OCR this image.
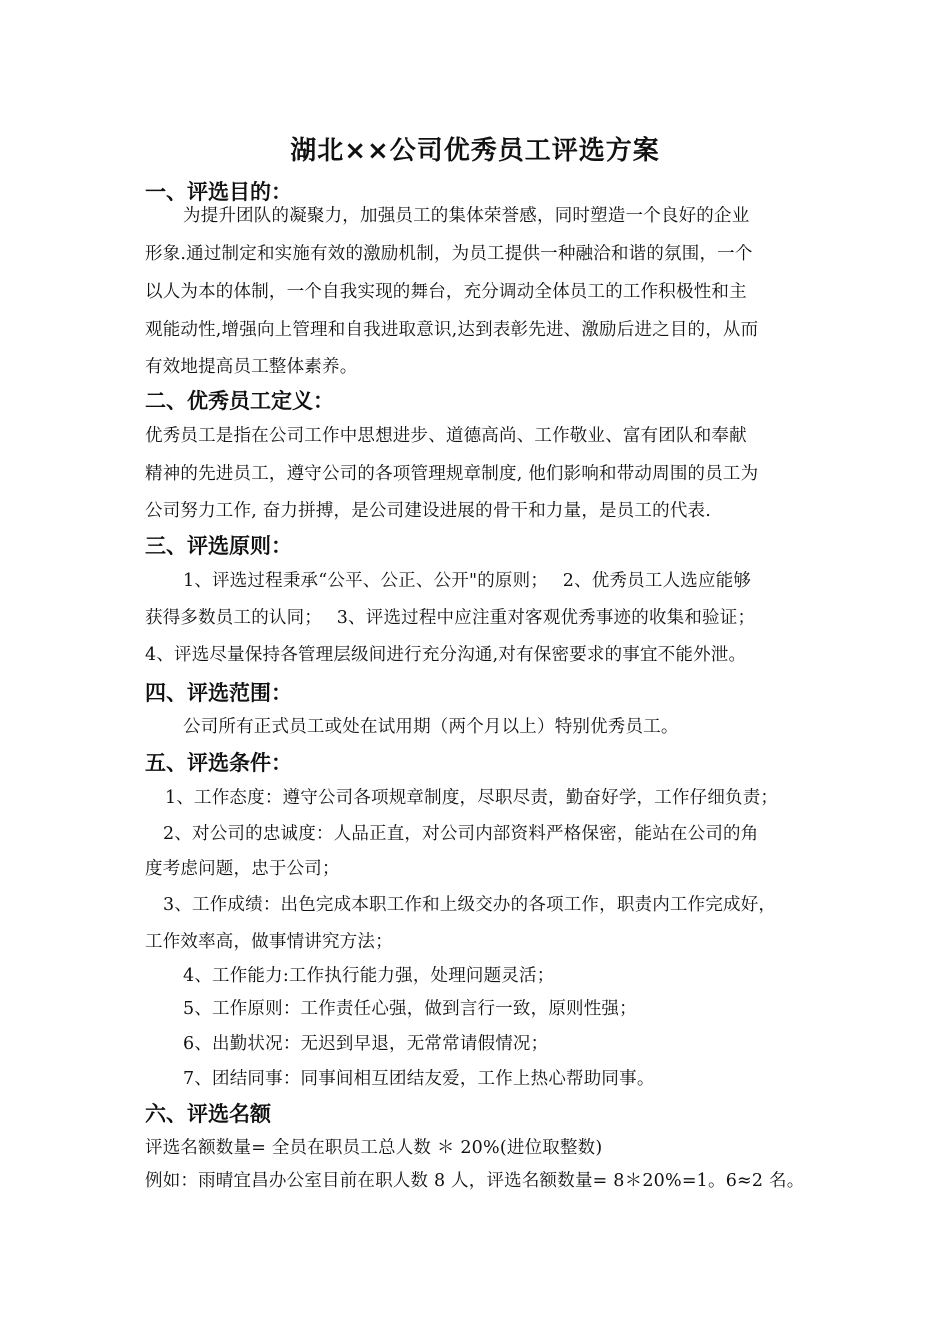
湖北××公司优秀员工评选方案
一、评选目的：
为提升团队的凝聚力，加强员工的集体荣誉感，同时塑造一个良好的企业
形象.通过制定和实施有效的激励机制，为员工提供一种融洽和谐的氛围，一个
以人为本的体制，一个自我实现的舞台，充分调动全体员工的工作积极性和主
观能动性,增强向上管理和自我进取意识,达到表彰先进、激励后进之目的，从而
有效地提高员工整体素养。
二、优秀员工定义：
优秀员工是指在公司工作中思想进步、道德高尚、工作敬业、富有团队和奉献
精神的先进员工，遵守公司的各项管理规章制度, 他们影响和带动周围的员工为
公司努力工作, 奋力拼搏，是公司建设进展的骨干和力量，是员工的代表.
三、评选原则：
1、评选过程秉承“公平、公正、公开"的原则；　 2、优秀员工人选应能够
获得多数员工的认同；　 3、评选过程中应注重对客观优秀事迹的收集和验证；
4、评选尽量保持各管理层级间进行充分沟通,对有保密要求的事宜不能外泄。
四、评选范围：
公司所有正式员工或处在试用期（两个月以上）特别优秀员工。
五、评选条件：
1、工作态度：遵守公司各项规章制度，尽职尽责，勤奋好学，工作仔细负责；
2、对公司的忠诚度：人品正直，对公司内部资料严格保密，能站在公司的角
度考虑问题，忠于公司；
3、工作成绩：出色完成本职工作和上级交办的各项工作，职责内工作完成好，
工作效率高，做事情讲究方法；
4、工作能力:工作执行能力强，处理问题灵活；
5、工作原则：工作责任心强，做到言行一致，原则性强；
6、出勤状况：无迟到早退，无常常请假情况；
7、团结同事：同事间相互团结友爱，工作上热心帮助同事。
六、评选名额
评选名额数量= 全员在职员工总人数 ＊ 20%(进位取整数)
例如：雨晴宜昌办公室目前在职人数 8 人，评选名额数量= 8＊20%=1。6≈2 名。
